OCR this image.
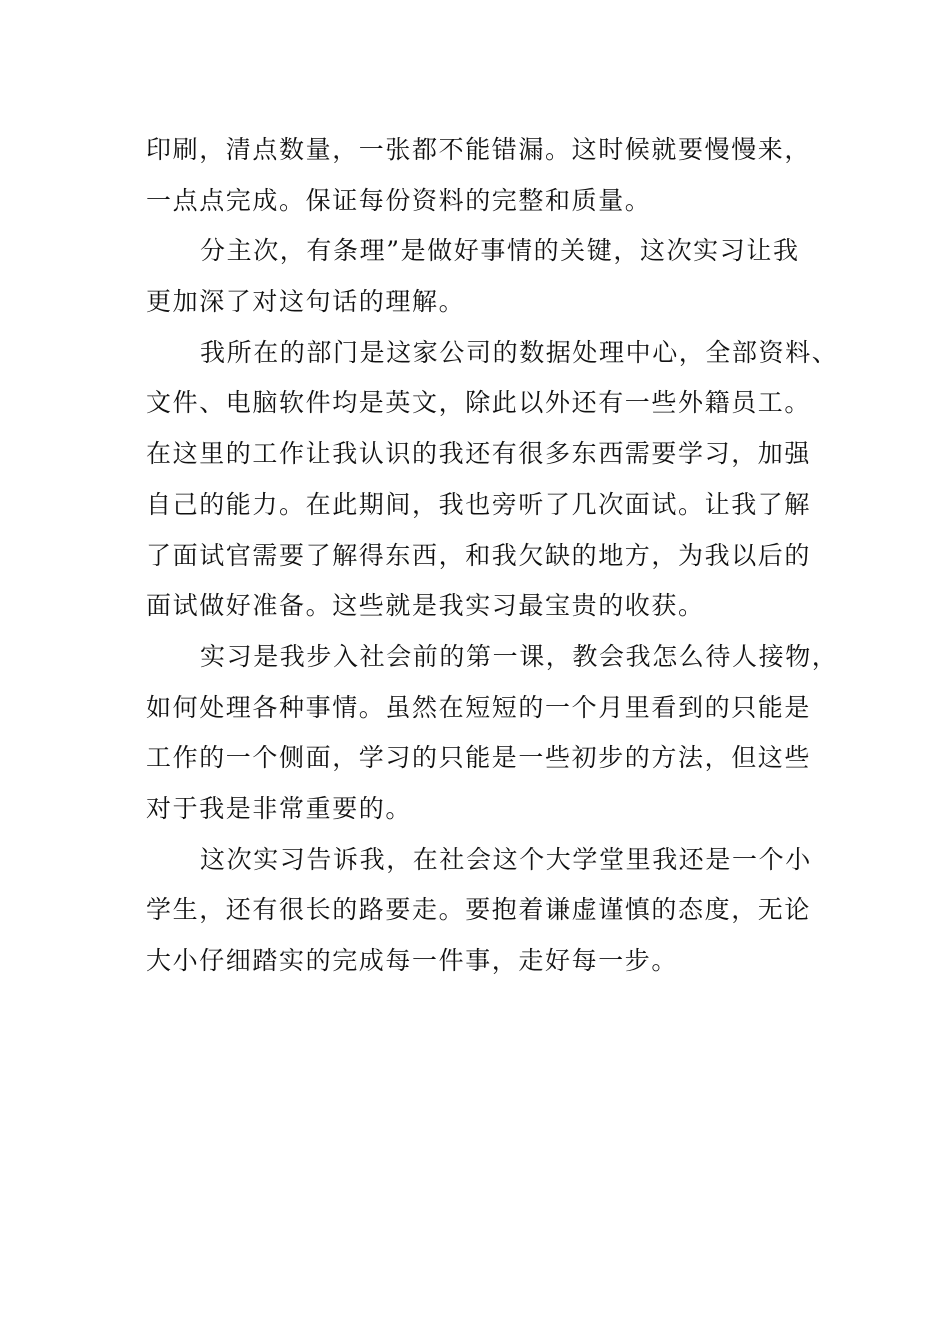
印刷，清点数量，一张都不能错漏。这时候就要慢慢来，
一点点完成。保证每份资料的完整和质量。
分主次，有条理”是做好事情的关键，这次实习让我
更加深了对这句话的理解。
我所在的部门是这家公司的数据处理中心，全部资料、
文件、电脑软件均是英文，除此以外还有一些外籍员工。
在这里的工作让我认识的我还有很多东西需要学习，加强
自己的能力。在此期间，我也旁听了几次面试。让我了解
了面试官需要了解得东西，和我欠缺的地方，为我以后的
面试做好准备。这些就是我实习最宝贵的收获。
实习是我步入社会前的第一课，教会我怎么待人接物，
如何处理各种事情。虽然在短短的一个月里看到的只能是
工作的一个侧面，学习的只能是一些初步的方法，但这些
对于我是非常重要的。
这次实习告诉我，在社会这个大学堂里我还是一个小
学生，还有很长的路要走。要抱着谦虚谨慎的态度，无论
大小仔细踏实的完成每一件事，走好每一步。
